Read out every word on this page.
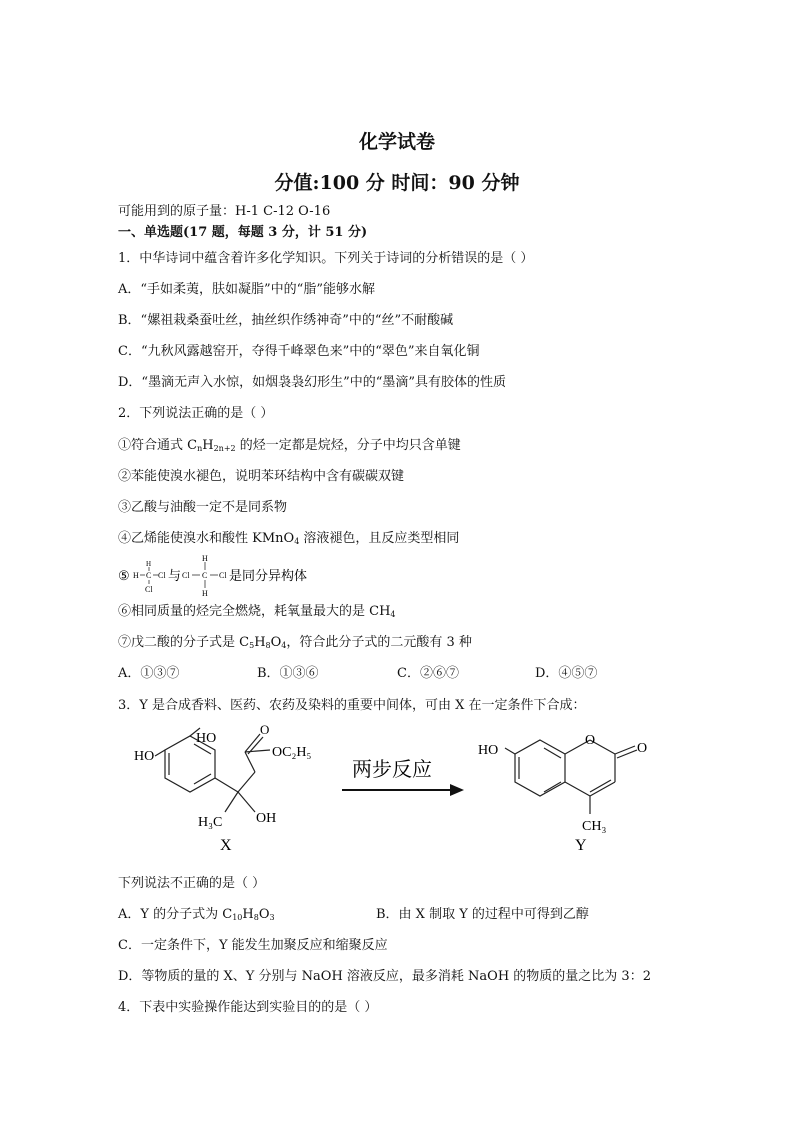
化学试卷
分值:100 分 时间：90 分钟
可能用到的原子量：H-1 C-12 O-16
一、单选题(17 题，每题 3 分，计 51 分)
1．中华诗词中蕴含着许多化学知识。下列关于诗词的分析错误的是（ ）
A．“手如柔荑，肤如凝脂”中的“脂”能够水解
B．“嫘祖栽桑蚕吐丝，抽丝织作绣神奇”中的“丝”不耐酸碱
C．“九秋风露越窑开，夺得千峰翠色来”中的“翠色”来自氧化铜
D．“墨滴无声入水惊，如烟袅袅幻形生”中的“墨滴”具有胶体的性质
2．下列说法正确的是（ ）
①符合通式 $C_nH_{2n+2}$ 的烃一定都是烷烃，分子中均只含单键
②苯能使溴水褪色，说明苯环结构中含有碳碳双键
③乙酸与油酸一定不是同系物
④乙烯能使溴水和酸性 KMnO$_4$ 溶液褪色，且反应类型相同
⑤ H C Cl
H
Cl
与 Cl C Cl
H
H
是同分异构体
⑥相同质量的烃完全燃烧，耗氧量最大的是 $CH_4$
⑦戊二酸的分子式是 $C_5H_8O_4$，符合此分子式的二元酸有 3 种
A．①③⑦	B．①③⑥	C．②⑥⑦	D．④⑤⑦
3．Y 是合成香料、医药、农药及染料的重要中间体，可由 X 在一定条件下合成：
HO
HO
O
OC₂H₅
H₃C OH
X
两步反应
HO
O
O
CH₃
Y
下列说法不正确的是（ ）
A．Y 的分子式为 $C_{10}H_8O_3$	B．由 X 制取 Y 的过程中可得到乙醇
C．一定条件下，Y 能发生加聚反应和缩聚反应
D．等物质的量的 X、Y 分别与 NaOH 溶液反应，最多消耗 NaOH 的物质的量之比为 3：2
4．下表中实验操作能达到实验目的的是（ ）
